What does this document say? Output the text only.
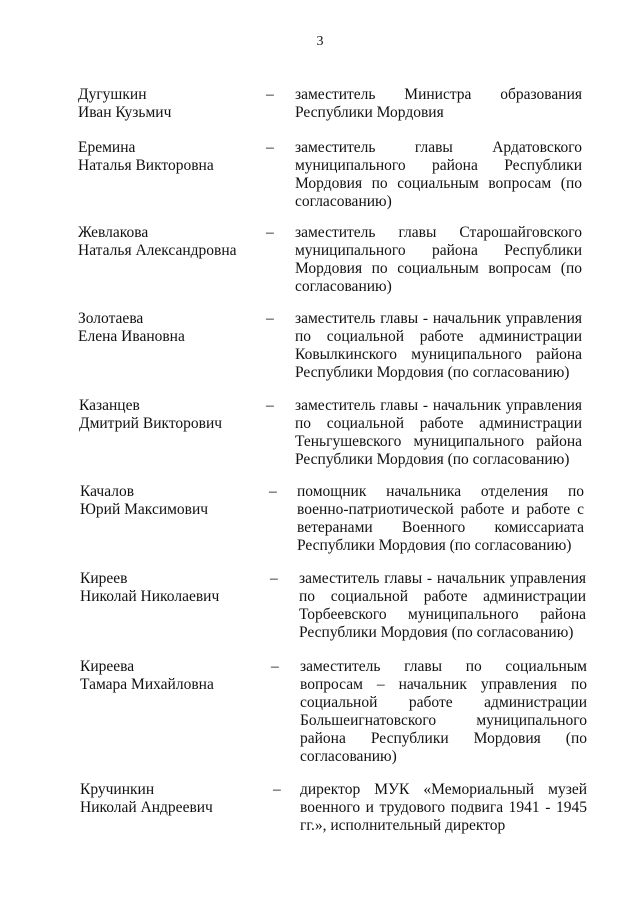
3
Дугушкин
Иван Кузьмич
–	заместитель Министра образования Республики Мордовия
Еремина
Наталья Викторовна
–	заместитель главы Ардатовского муниципального района Республики Мордовия по социальным вопросам (по согласованию)
Жевлакова
Наталья Александровна
–	заместитель главы Старошайговского муниципального района Республики Мордовия по социальным вопросам (по согласованию)
Золотаева
Елена Ивановна
–	заместитель главы - начальник управления по социальной работе администрации Ковылкинского муниципального района Республики Мордовия (по согласованию)
Казанцев
Дмитрий Викторович
–	заместитель главы - начальник управления по социальной работе администрации Теньгушевского муниципального района Республики Мордовия (по согласованию)
Качалов
Юрий Максимович
–	помощник начальника отделения по военно-патриотической работе и работе с ветеранами Военного комиссариата Республики Мордовия (по согласованию)
Киреев
Николай Николаевич
–	заместитель главы - начальник управления по социальной работе администрации Торбеевского муниципального района Республики Мордовия (по согласованию)
Киреева
Тамара Михайловна
–	заместитель главы по социальным вопросам – начальник управления по социальной работе администрации Большеигнатовского муниципального района Республики Мордовия (по согласованию)
Кручинкин
Николай Андреевич
–	директор МУК «Мемориальный музей военного и трудового подвига 1941 - 1945 гг.», исполнительный директор
